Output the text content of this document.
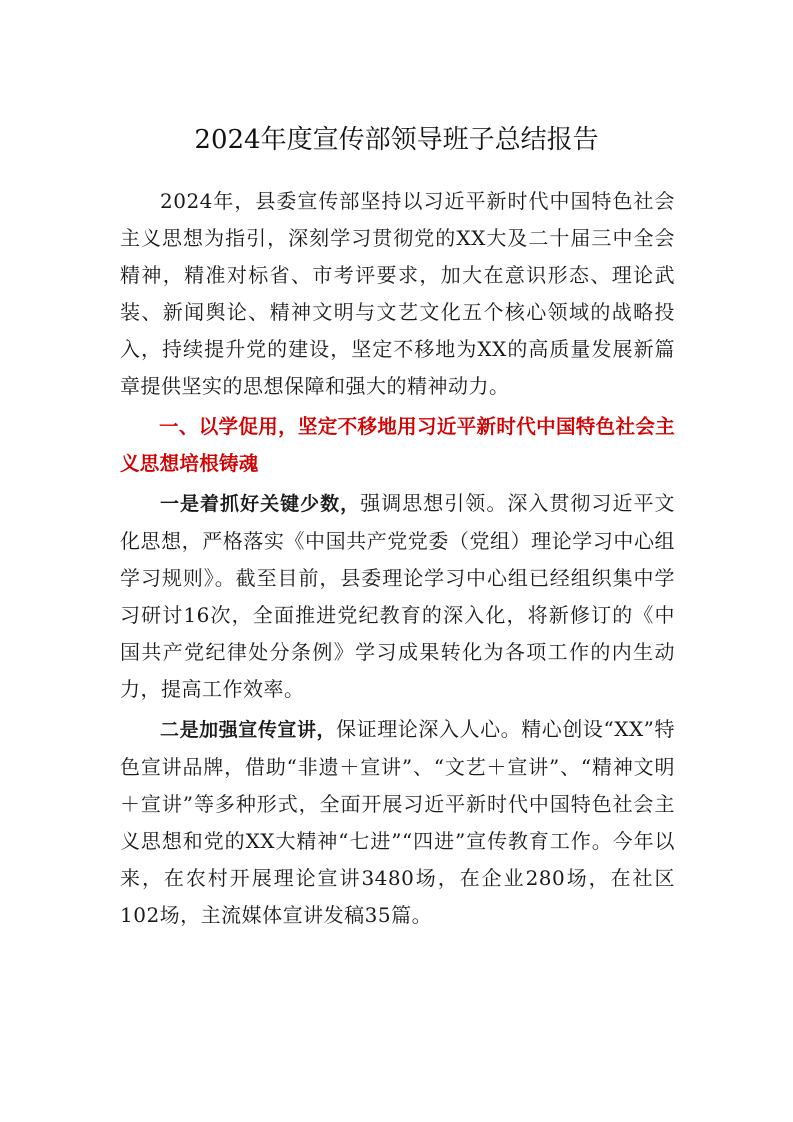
2024年度宣传部领导班子总结报告

2024年，县委宣传部坚持以习近平新时代中国特色社会主义思想为指引，深刻学习贯彻党的XX大及二十届三中全会精神，精准对标省、市考评要求，加大在意识形态、理论武装、新闻舆论、精神文明与文艺文化五个核心领域的战略投入，持续提升党的建设，坚定不移地为XX的高质量发展新篇章提供坚实的思想保障和强大的精神动力。

一、以学促用，坚定不移地用习近平新时代中国特色社会主义思想培根铸魂

一是着抓好关键少数，强调思想引领。深入贯彻习近平文化思想，严格落实《中国共产党党委（党组）理论学习中心组学习规则》。截至目前，县委理论学习中心组已经组织集中学习研讨16次，全面推进党纪教育的深入化，将新修订的《中国共产党纪律处分条例》学习成果转化为各项工作的内生动力，提高工作效率。

二是加强宣传宣讲，保证理论深入人心。精心创设“XX”特色宣讲品牌，借助“非遗＋宣讲”、“文艺＋宣讲”、“精神文明＋宣讲”等多种形式，全面开展习近平新时代中国特色社会主义思想和党的XX大精神“七进”“四进”宣传教育工作。今年以来，在农村开展理论宣讲3480场，在企业280场，在社区102场，主流媒体宣讲发稿35篇。
